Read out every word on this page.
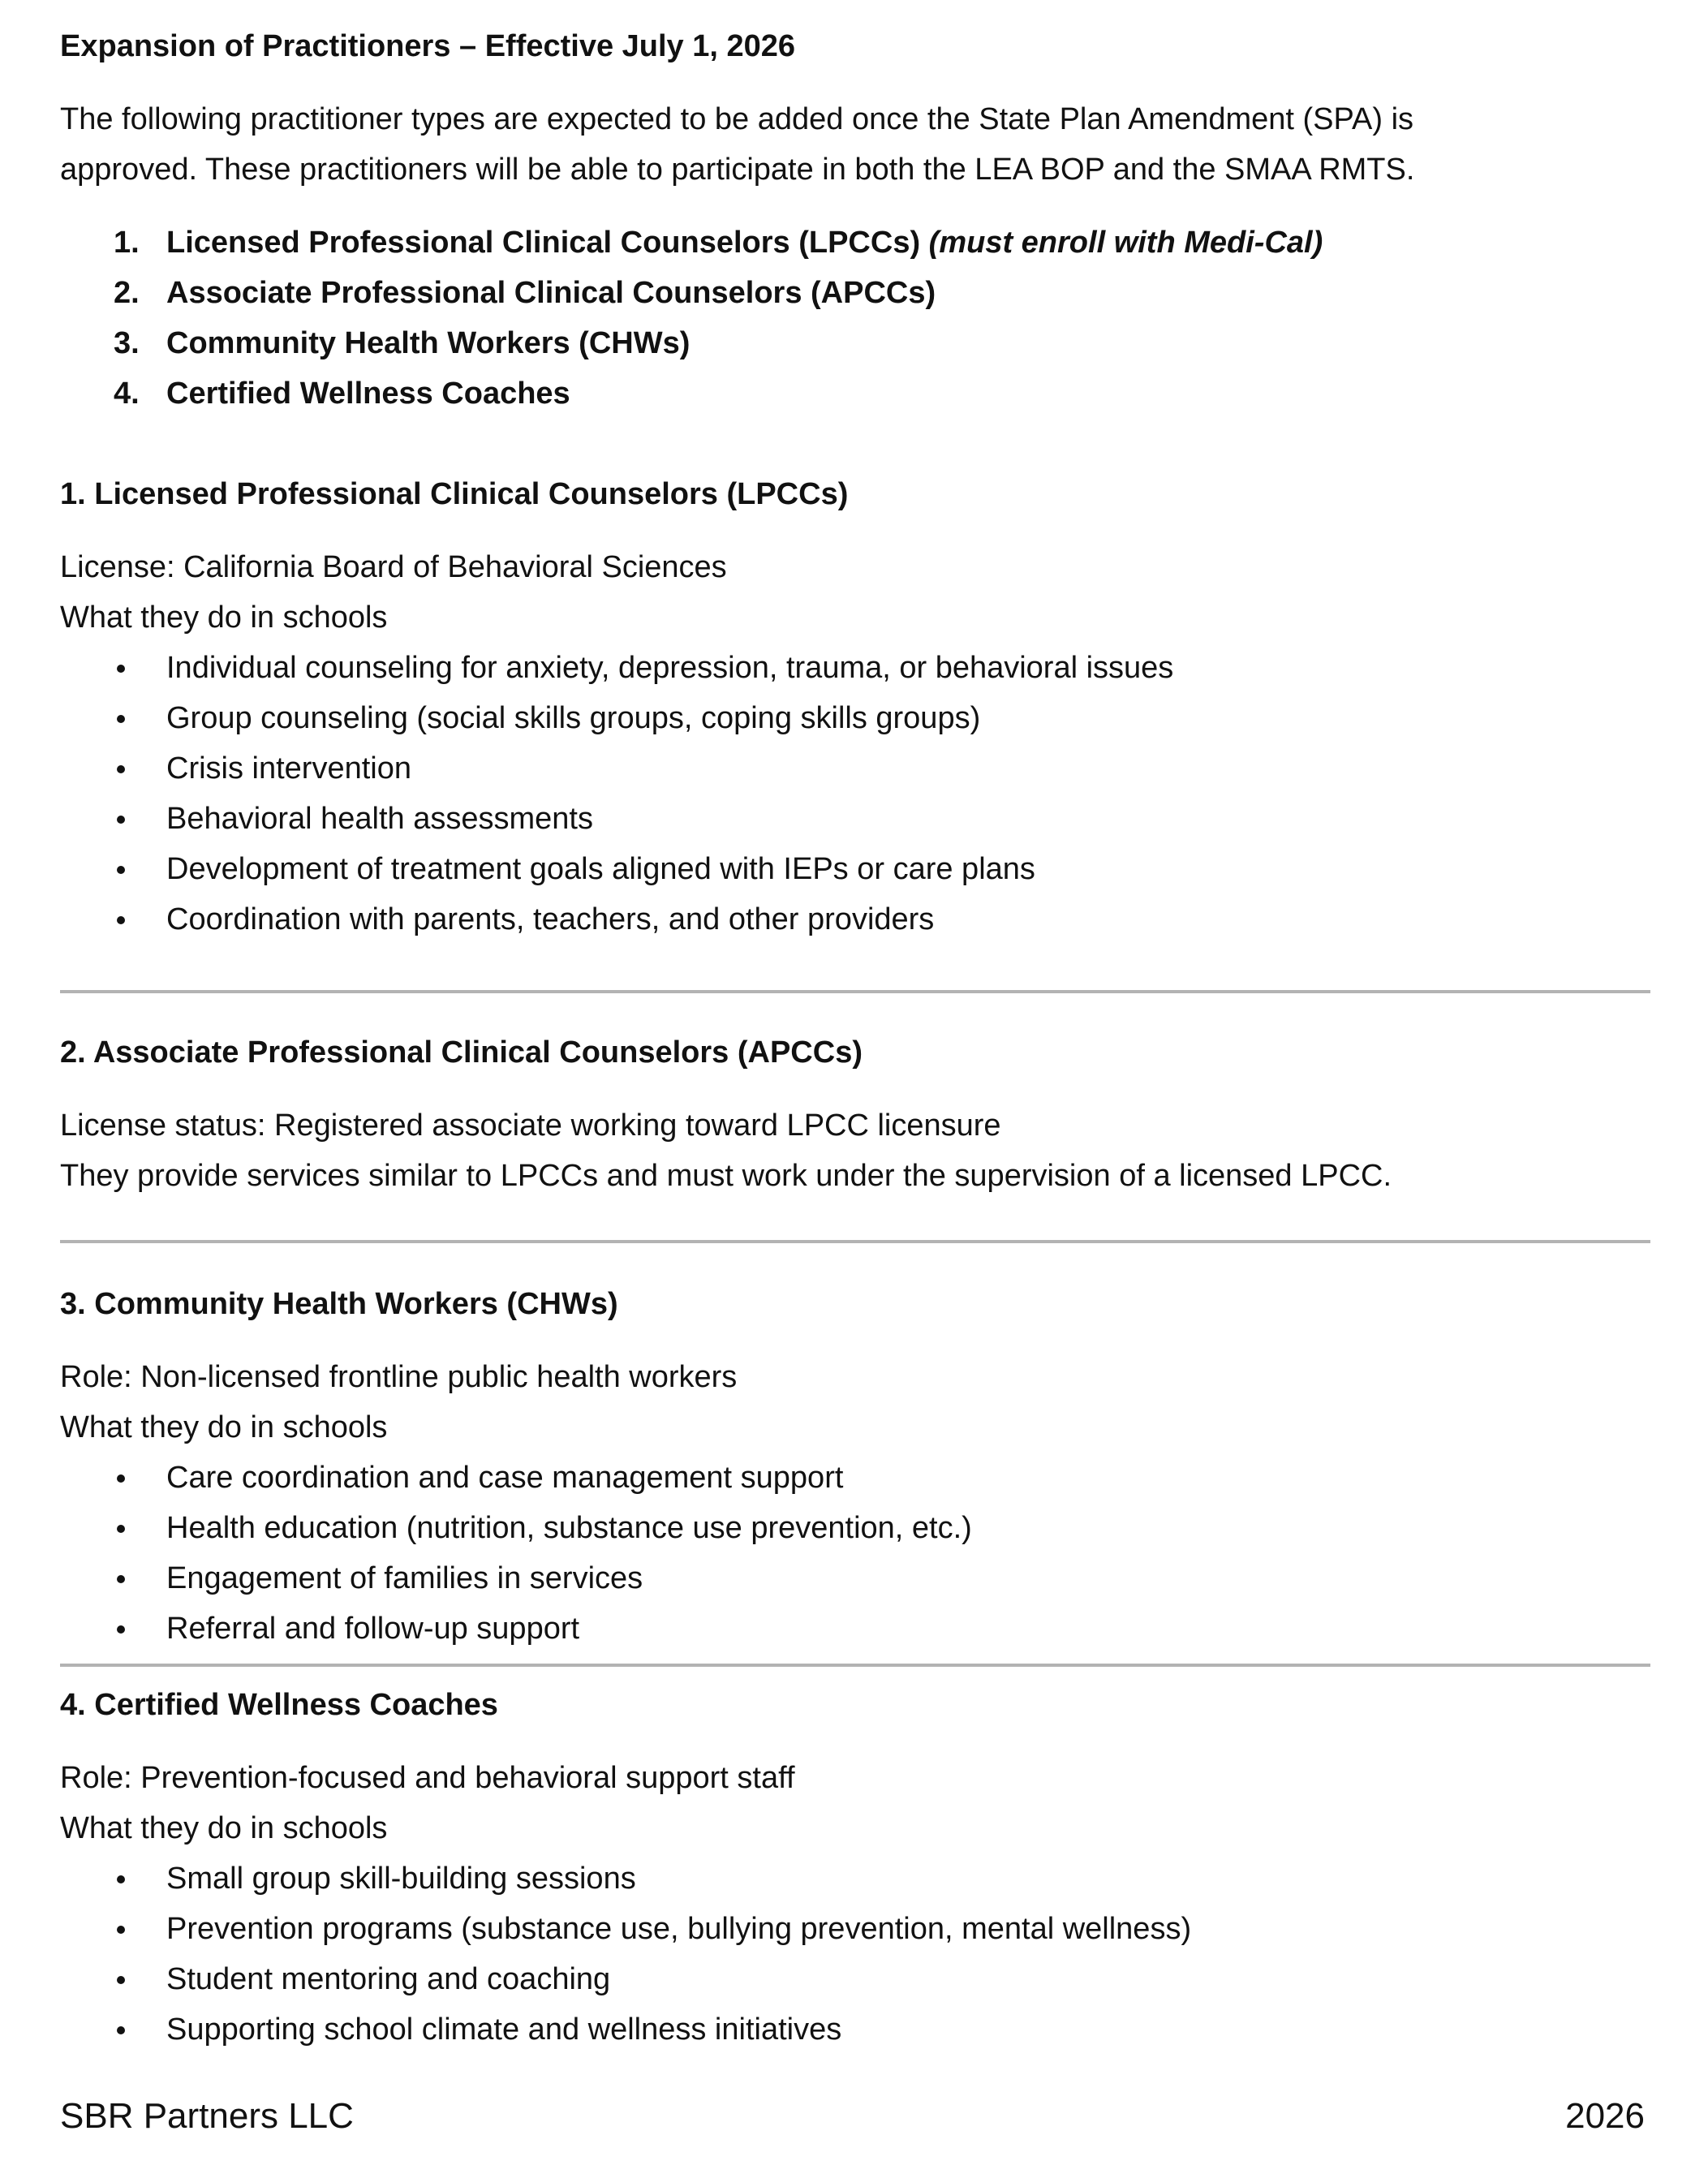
Expansion of Practitioners – Effective July 1, 2026

The following practitioner types are expected to be added once the State Plan Amendment (SPA) is
approved. These practitioners will be able to participate in both the LEA BOP and the SMAA RMTS.
1. Licensed Professional Clinical Counselors (LPCCs) (must enroll with Medi-Cal)
2. Associate Professional Clinical Counselors (APCCs)
3. Community Health Workers (CHWs)
4. Certified Wellness Coaches

1. Licensed Professional Clinical Counselors (LPCCs)

License: California Board of Behavioral Sciences
What they do in schools
Individual counseling for anxiety, depression, trauma, or behavioral issues
Group counseling (social skills groups, coping skills groups)
Crisis intervention
Behavioral health assessments
Development of treatment goals aligned with IEPs or care plans
Coordination with parents, teachers, and other providers

2. Associate Professional Clinical Counselors (APCCs)

License status: Registered associate working toward LPCC licensure
They provide services similar to LPCCs and must work under the supervision of a licensed LPCC.

3. Community Health Workers (CHWs)

Role: Non-licensed frontline public health workers
What they do in schools
Care coordination and case management support
Health education (nutrition, substance use prevention, etc.)
Engagement of families in services
Referral and follow-up support

4. Certified Wellness Coaches

Role: Prevention-focused and behavioral support staff
What they do in schools
Small group skill-building sessions
Prevention programs (substance use, bullying prevention, mental wellness)
Student mentoring and coaching
Supporting school climate and wellness initiatives
SBR Partners LLC	2026
